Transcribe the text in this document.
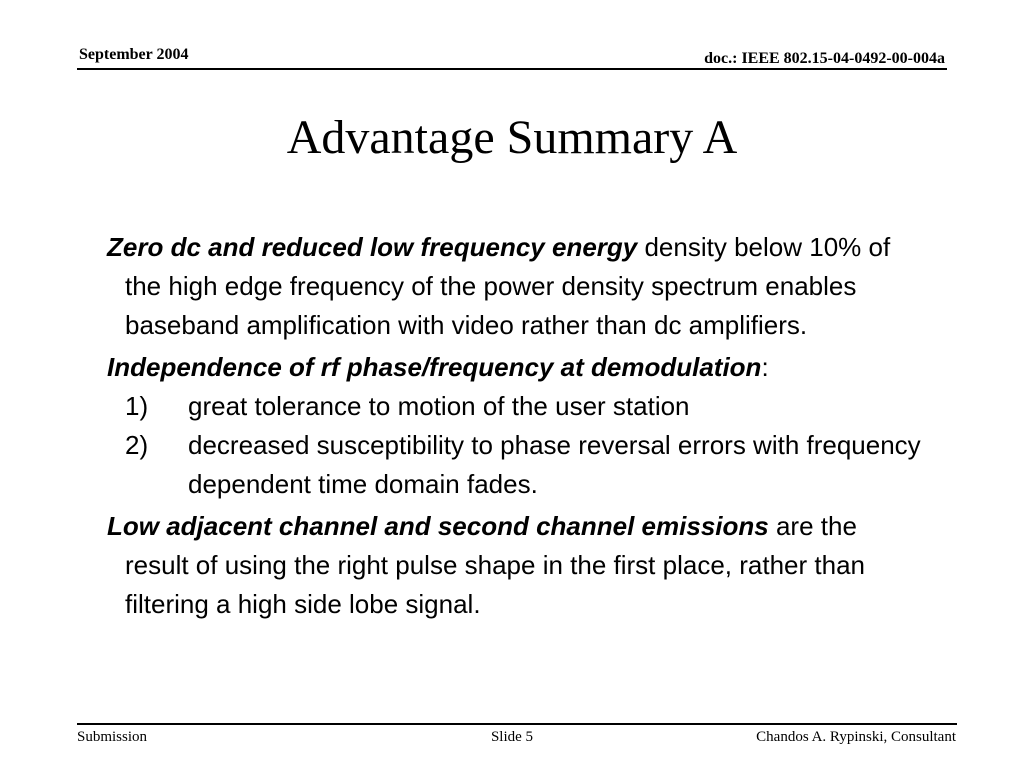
September 2004	doc.: IEEE 802.15-04-0492-00-004a
Advantage Summary A

Zero dc and reduced low frequency energy density below 10% of the high edge frequency of the power density spectrum enables baseband amplification with video rather than dc amplifiers.

Independence of rf phase/frequency at demodulation:

1) great tolerance to motion of the user station
2) decreased susceptibility to phase reversal errors with frequency dependent time domain fades.

Low adjacent channel and second channel emissions are the result of using the right pulse shape in the first place, rather than filtering a high side lobe signal.

Submission	Slide 5	Chandos A. Rypinski, Consultant
